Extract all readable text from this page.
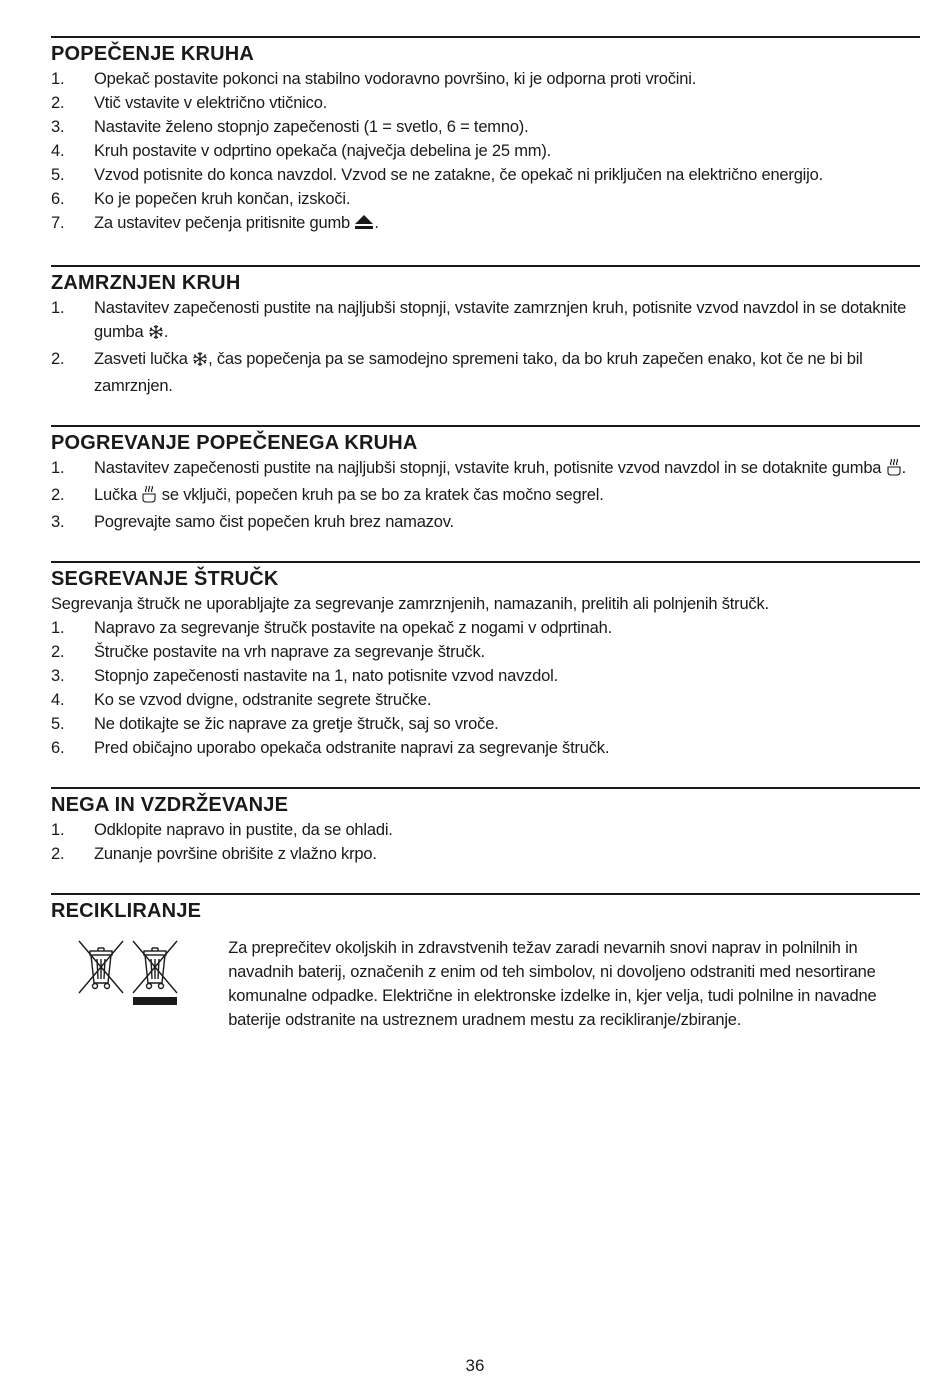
POPEČENJE KRUHA
1. Opekač postavite pokonci na stabilno vodoravno površino, ki je odporna proti vročini.
2. Vtič vstavite v električno vtičnico.
3. Nastavite želeno stopnjo zapečenosti (1 = svetlo, 6 = temno).
4. Kruh postavite v odprtino opekača (največja debelina je 25 mm).
5. Vzvod potisnite do konca navzdol. Vzvod se ne zatakne, če opekač ni priključen na električno energijo.
6. Ko je popečen kruh končan, izskoči.
7. Za ustavitev pečenja pritisnite gumb .
ZAMRZNJEN KRUH
1. Nastavitev zapečenosti pustite na najljubši stopnji, vstavite zamrznjen kruh, potisnite vzvod navzdol in se dotaknite gumba .
2. Zasveti lučka , čas popečenja pa se samodejno spremeni tako, da bo kruh zapečen enako, kot če ne bi bil zamrznjen.
POGREVANJE POPEČENEGA KRUHA
1. Nastavitev zapečenosti pustite na najljubši stopnji, vstavite kruh, potisnite vzvod navzdol in se dotaknite gumba .
2. Lučka  se vključi, popečen kruh pa se bo za kratek čas močno segrel.
3. Pogrevajte samo čist popečen kruh brez namazov.
SEGREVANJE ŠTRUČK

Segrevanja štručk ne uporabljajte za segrevanje zamrznjenih, namazanih, prelitih ali polnjenih štručk.

1. Napravo za segrevanje štručk postavite na opekač z nogami v odprtinah.
2. Štručke postavite na vrh naprave za segrevanje štručk.
3. Stopnjo zapečenosti nastavite na 1, nato potisnite vzvod navzdol.
4. Ko se vzvod dvigne, odstranite segrete štručke.
5. Ne dotikajte se žic naprave za gretje štručk, saj so vroče.
6. Pred običajno uporabo opekača odstranite napravi za segrevanje štručk.
NEGA IN VZDRŽEVANJE
1. Odklopite napravo in pustite, da se ohladi.
2. Zunanje površine obrišite z vlažno krpo.
RECIKLIRANJE
Za preprečitev okoljskih in zdravstvenih težav zaradi nevarnih snovi naprav in polnilnih in navadnih baterij, označenih z enim od teh simbolov, ni dovoljeno odstraniti med nesortirane komunalne odpadke. Električne in elektronske izdelke in, kjer velja, tudi polnilne in navadne baterije odstranite na ustreznem uradnem mestu za recikliranje/zbiranje.
36
